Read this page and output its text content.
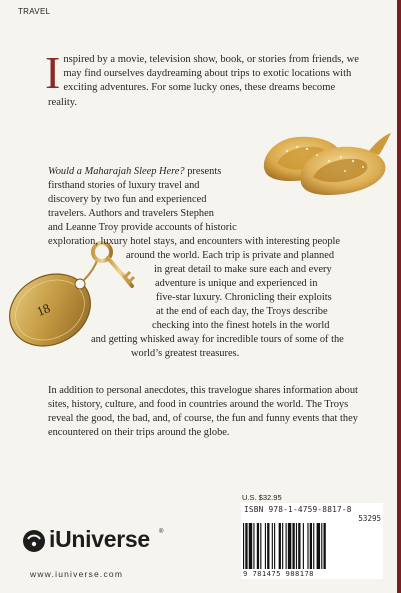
TRAVEL
Inspired by a movie, television show, book, or stories from friends, we may find ourselves daydreaming about trips to exotic locations with exciting adventures. For some lucky ones, these dreams become reality.
18
Would a Maharajah Sleep Here? presents
firsthand stories of luxury travel and
discovery by two fun and experienced
travelers. Authors and travelers Stephen
and Leanne Troy provide accounts of historic
exploration, luxury hotel stays, and encounters with interesting people
around the world. Each trip is private and planned
in great detail to make sure each and every
adventure is unique and experienced in
five-star luxury. Chronicling their exploits
at the end of each day, the Troys describe
checking into the finest hotels in the world
and getting whisked away for incredible tours of some of the
world’s greatest treasures.
In addition to personal anecdotes, this travelogue shares information about sites, history, culture, and food in countries around the world. The Troys reveal the good, the bad, and, of course, the fun and funny events that they encountered on their trips around the globe.
U.S. $32.95
ISBN 978-1-4759-8817-8
53295
9 781475 988178
iUniverse ®
www.iuniverse.com
